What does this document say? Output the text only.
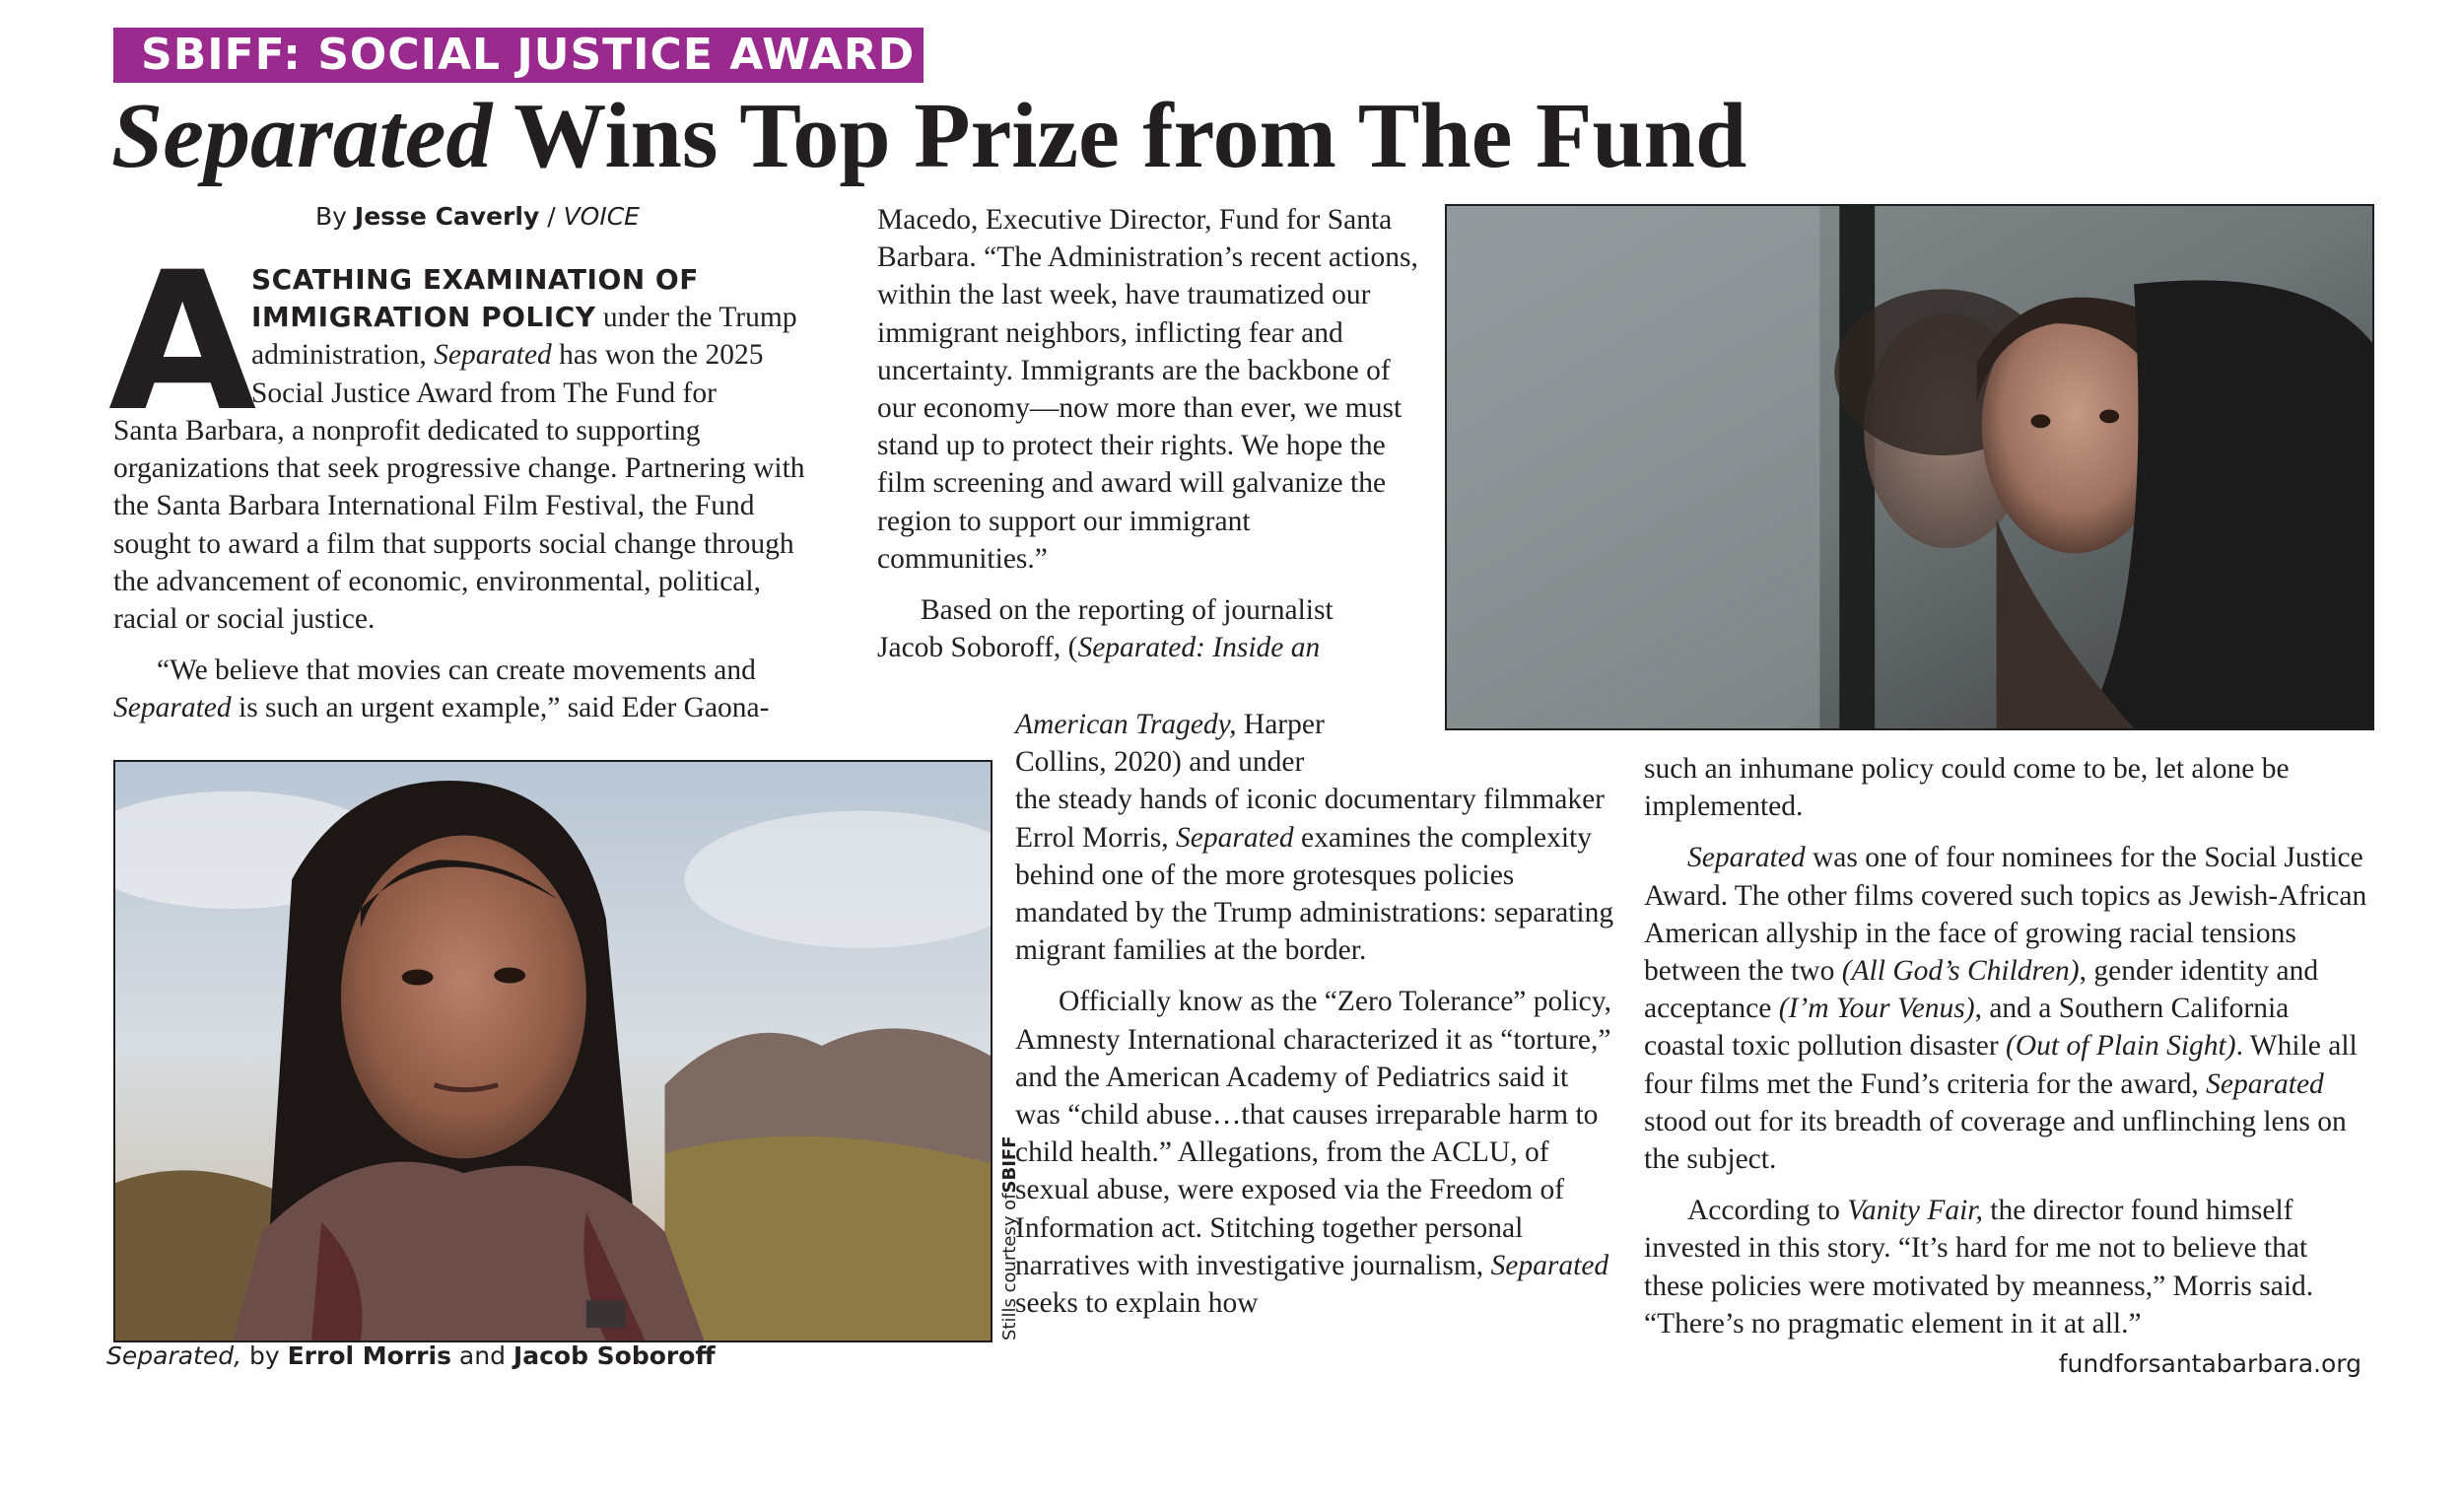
SBIFF: SOCIAL JUSTICE AWARD
Separated Wins Top Prize from The Fund
By Jesse Caverly / VOICE
A
SCATHING EXAMINATION OF
IMMIGRATION POLICY under the Trump
administration, Separated has won the 2025
Social Justice Award from The Fund for

Santa Barbara, a nonprofit dedicated to supporting organizations that seek progressive change. Partnering with the Santa Barbara International Film Festival, the Fund sought to award a film that supports social change through the advancement of economic, environmental, political, racial or social justice.

“We believe that movies can create movements and

Separated is such an urgent example,” said Eder Gaona-

Macedo, Executive Director, Fund for Santa Barbara. “The Administration’s recent actions, within the last week, have traumatized our immigrant neighbors, inflicting fear and uncertainty. Immigrants are the backbone of our economy—now more than ever, we must stand up to protect their rights. We hope the film screening and award will galvanize the region to support our immigrant communities.”

Based on the reporting of journalist

Jacob Soboroff, (Separated: Inside an

American Tragedy, Harper

Collins, 2020) and under

the steady hands of iconic documentary filmmaker Errol Morris, Separated examines the complexity behind one of the more grotesques policies mandated by the Trump administrations: separating migrant families at the border.

Officially know as the “Zero Tolerance” policy, Amnesty International characterized it as “torture,” and the American Academy of Pediatrics said it was “child abuse…that causes irreparable harm to child health.” Allegations, from the ACLU, of sexual abuse, were exposed via the Freedom of Information act. Stitching together personal narratives with investigative journalism, Separated seeks to explain how

such an inhumane policy could come to be, let alone be implemented.

Separated was one of four nominees for the Social Justice Award. The other films covered such topics as Jewish-African American allyship in the face of growing racial tensions between the two (All God’s Children), gender identity and acceptance (I’m Your Venus), and a Southern California coastal toxic pollution disaster (Out of Plain Sight). While all four films met the Fund’s criteria for the award, Separated stood out for its breadth of coverage and unflinching lens on the subject.

According to Vanity Fair, the director found himself invested in this story. “It’s hard for me not to believe that these policies were motivated by meanness,” Morris said. “There’s no pragmatic element in it at all.”

Stills courtesy ofSBIFF
Separated, by Errol Morris and Jacob Soboroff	fundforsantabarbara.org
